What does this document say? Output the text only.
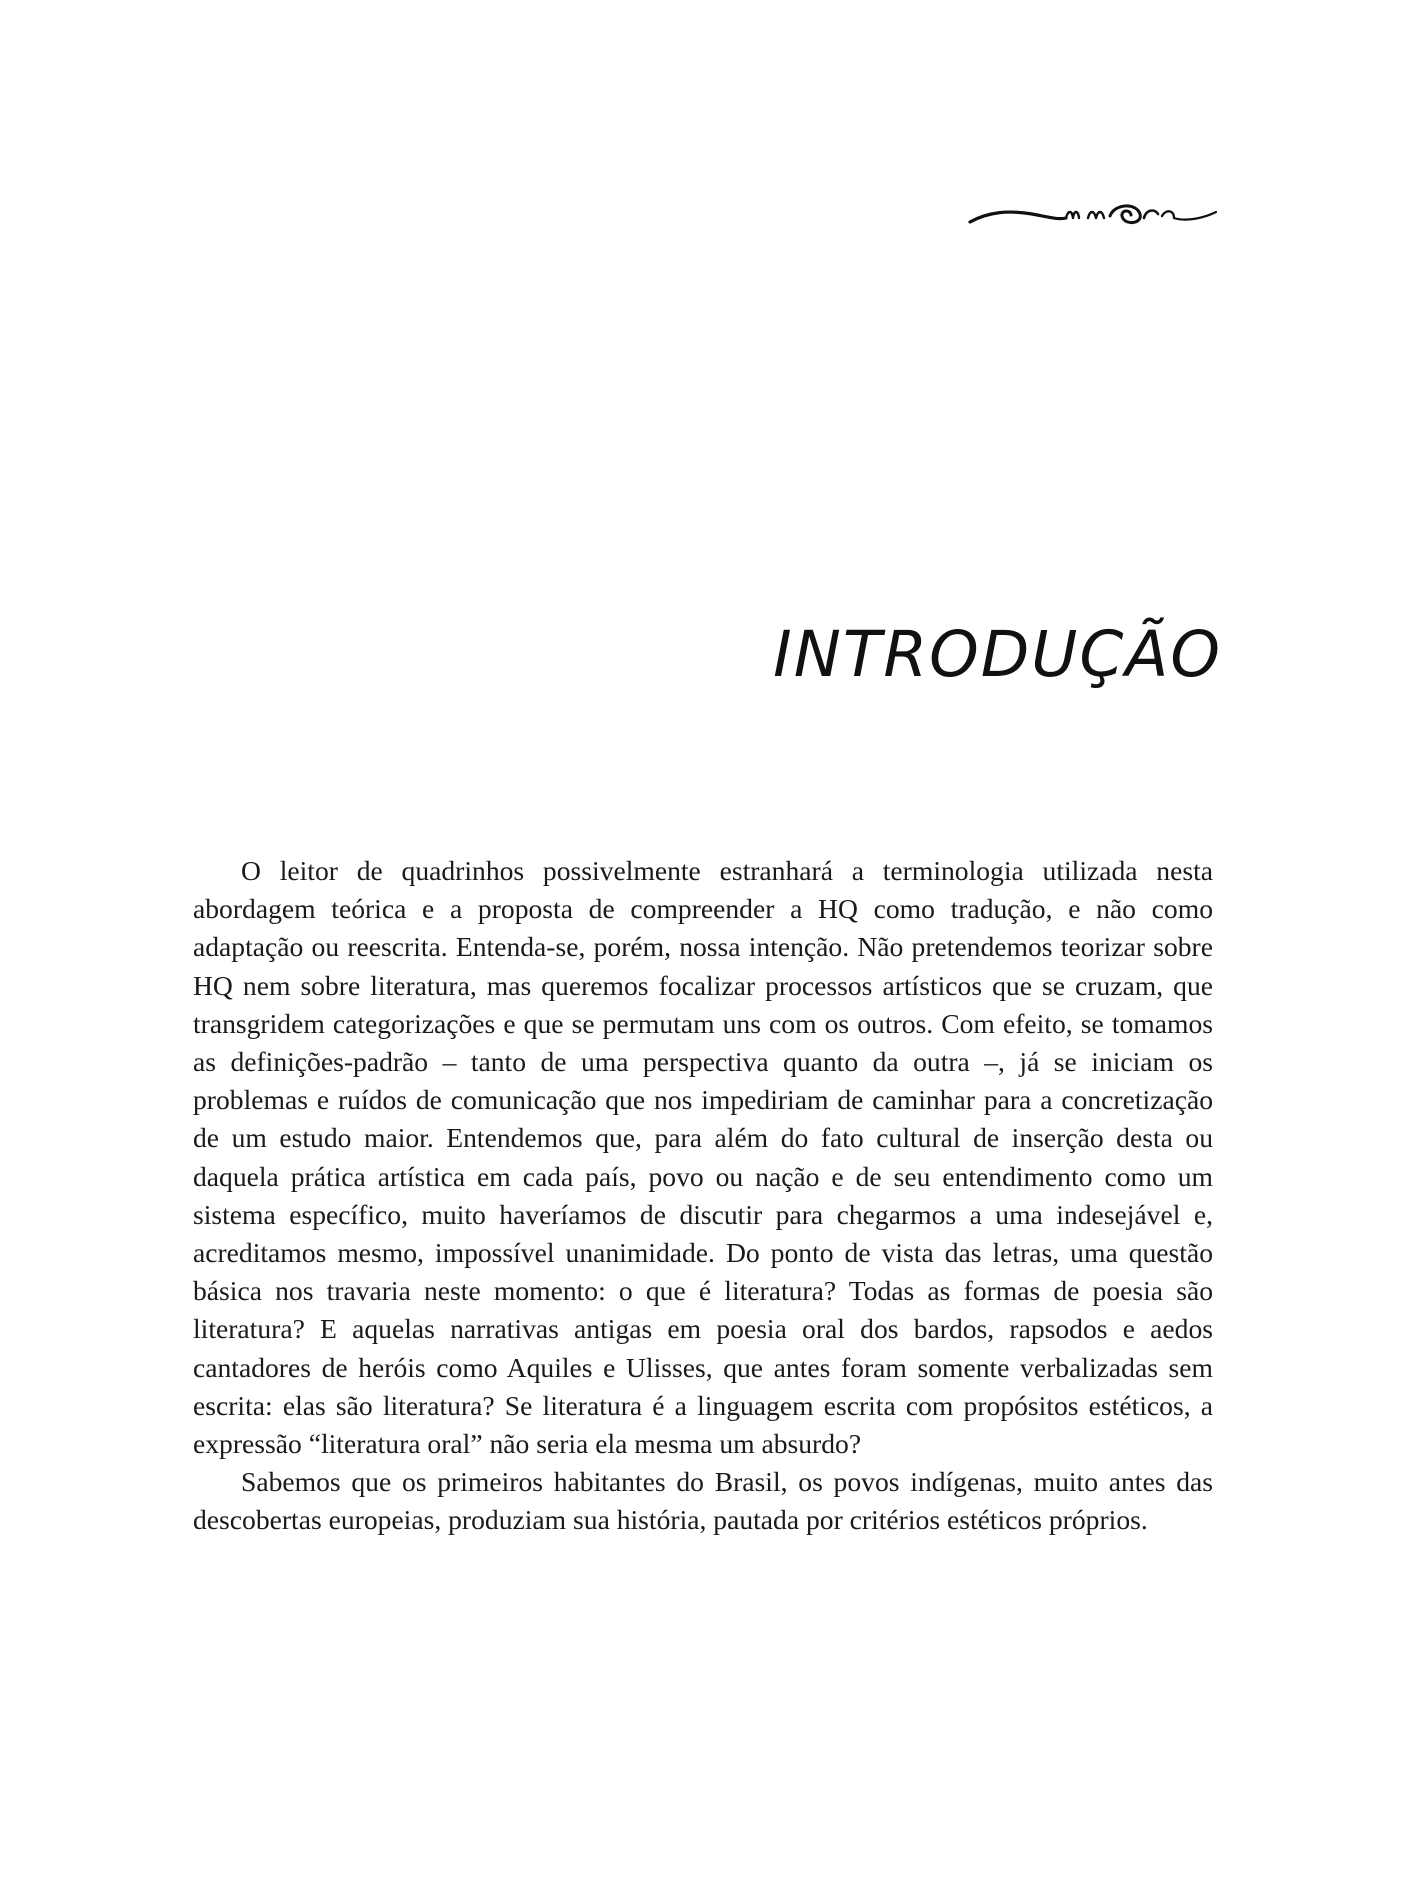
INTRODUÇÃO

O leitor de quadrinhos possivelmente estranhará a terminologia utilizada nesta abordagem teórica e a proposta de compreender a HQ como tradução, e não como adaptação ou reescrita. Entenda-se, porém, nossa intenção. Não pretendemos teorizar sobre HQ nem sobre literatura, mas queremos focalizar processos artísticos que se cruzam, que transgridem categorizações e que se permutam uns com os outros. Com efeito, se tomamos as definições-padrão – tanto de uma perspectiva quanto da outra –, já se iniciam os problemas e ruídos de comunicação que nos impediriam de caminhar para a concretização de um estudo maior. Entendemos que, para além do fato cultural de inserção desta ou daquela prática artística em cada país, povo ou nação e de seu entendimento como um sistema específico, muito haveríamos de discutir para chegarmos a uma indesejável e, acreditamos mesmo, impossível unanimidade. Do ponto de vista das letras, uma questão básica nos travaria neste momento: o que é literatura? Todas as formas de poesia são literatura? E aquelas narrativas antigas em poesia oral dos bardos, rapsodos e aedos cantadores de heróis como Aquiles e Ulisses, que antes foram somente verbalizadas sem escrita: elas são literatura? Se literatura é a linguagem escrita com propósitos estéticos, a expressão “literatura oral” não seria ela mesma um absurdo?

Sabemos que os primeiros habitantes do Brasil, os povos indígenas, muito antes das descobertas europeias, produziam sua história, pautada por critérios estéticos próprios.
